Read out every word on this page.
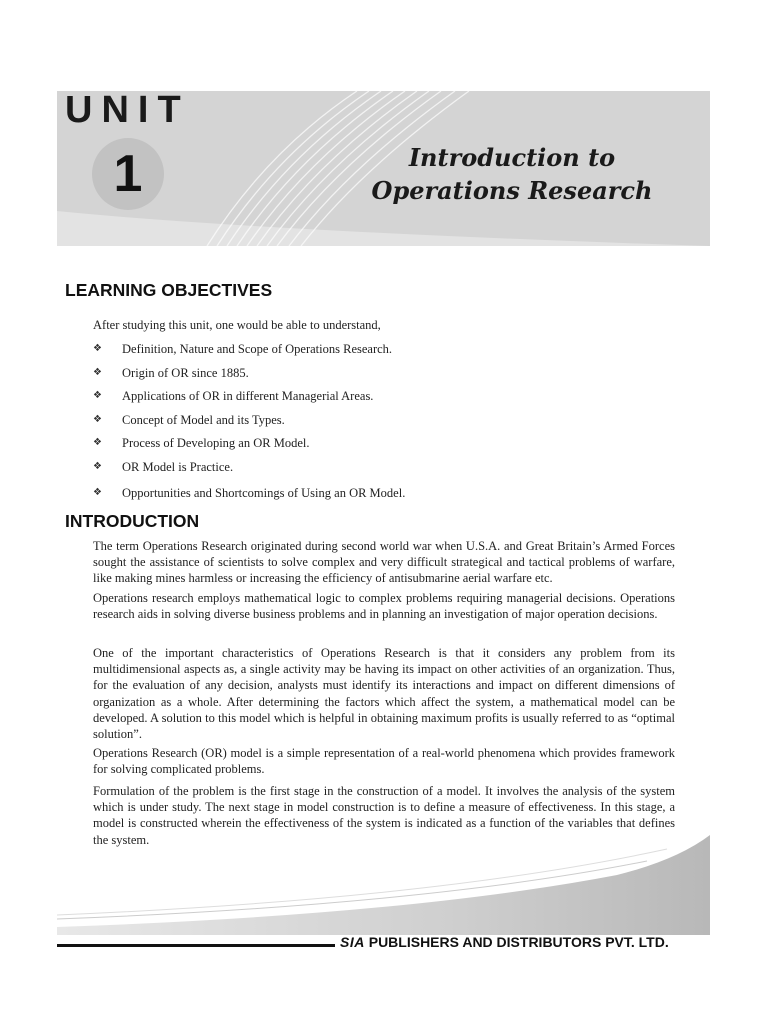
UNIT
1	Introduction to
Operations Research
LEARNING OBJECTIVES

After studying this unit, one would be able to understand,

❖ Definition, Nature and Scope of Operations Research.
❖ Origin of OR since 1885.
❖ Applications of OR in different Managerial Areas.
❖ Concept of Model and its Types.
❖ Process of Developing an OR Model.
❖ OR Model is Practice.
❖ Opportunities and Shortcomings of Using an OR Model.
INTRODUCTION

The term Operations Research originated during second world war when U.S.A. and Great Britain’s Armed Forces sought the assistance of scientists to solve complex and very difficult strategical and tactical problems of warfare, like making mines harmless or increasing the efficiency of antisubmarine aerial warfare etc.

Operations research employs mathematical logic to complex problems requiring managerial decisions. Operations research aids in solving diverse business problems and in planning an investigation of major operation decisions.

One of the important characteristics of Operations Research is that it considers any problem from its multidimensional aspects as, a single activity may be having its impact on other activities of an organization. Thus, for the evaluation of any decision, analysts must identify its interactions and impact on different dimensions of organization as a whole. After determining the factors which affect the system, a mathematical model can be developed. A solution to this model which is helpful in obtaining maximum profits is usually referred to as “optimal solution”.

Operations Research (OR) model is a simple representation of a real-world phenomena which provides framework for solving complicated problems.

Formulation of the problem is the first stage in the construction of a model. It involves the analysis of the system which is under study. The next stage in model construction is to define a measure of effectiveness. In this stage, a model is constructed wherein the effectiveness of the system is indicated as a function of the variables that defines the system.

SIA PUBLISHERS AND DISTRIBUTORS PVT. LTD.
